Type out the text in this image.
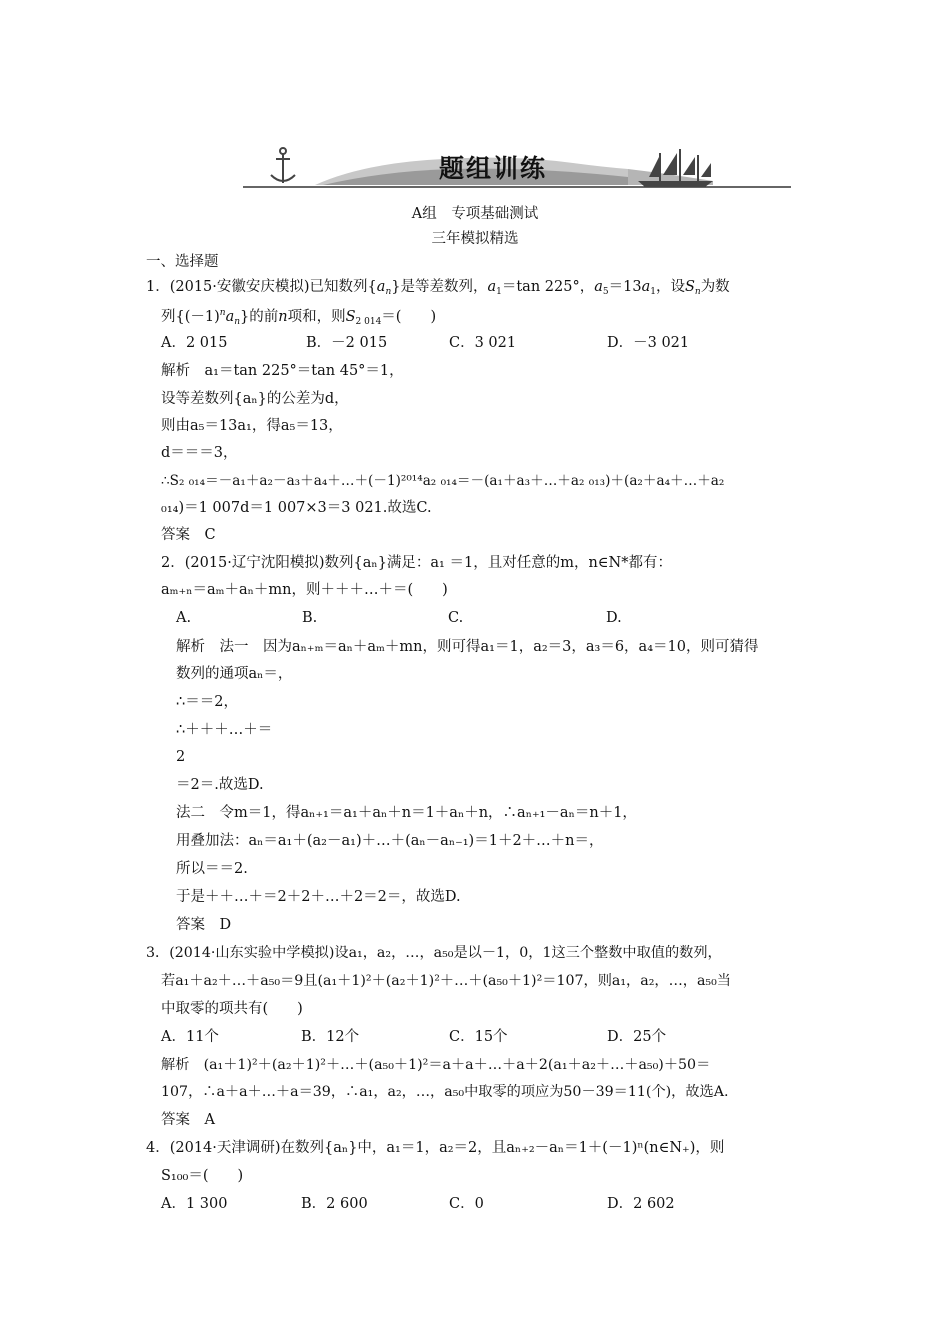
题组训练
A组　专项基础测试
三年模拟精选
一、选择题
1．(2015·安徽安庆模拟)已知数列$\{a_n\}$是等差数列，$a_1=\tan$ 225°，$a_5=13a_1$，设$S_n$为数
列$\{(-1)^na_n\}$的前n项和，则$S_{2 014}=$(　　)
A．2 015	B．－2 015	C．3 021	D．－3 021
解析　a₁＝tan 225°＝tan 45°＝1，
设等差数列{aₙ}的公差为d，
则由a₅＝13a₁，得a₅＝13，
d＝＝＝3，
∴S₂ ₀₁₄＝－a₁＋a₂－a₃＋a₄＋…＋(－1)²⁰¹⁴a₂ ₀₁₄＝－(a₁＋a₃＋…＋a₂ ₀₁₃)＋(a₂＋a₄＋…＋a₂
₀₁₄)＝1 007d＝1 007×3＝3 021.故选C.
答案　C
2．(2015·辽宁沈阳模拟)数列{aₙ}满足：a₁ ＝1，且对任意的m，n∈N*都有：
aₘ₊ₙ＝aₘ＋aₙ＋mn，则＋＋＋…＋＝(　　)
A.	B.	C.	D.
解析　法一　因为aₙ₊ₘ＝aₙ＋aₘ＋mn，则可得a₁＝1，a₂＝3，a₃＝6，a₄＝10，则可猜得
数列的通项aₙ＝，
∴＝＝2，
∴＋＋＋…＋＝
2
＝2＝.故选D.
法二　令m＝1，得aₙ₊₁＝a₁＋aₙ＋n＝1＋aₙ＋n，∴aₙ₊₁－aₙ＝n＋1，
用叠加法：aₙ＝a₁＋(a₂－a₁)＋…＋(aₙ－aₙ₋₁)＝1＋2＋…＋n＝，
所以＝＝2.
于是＋＋…＋＝2＋2＋…＋2＝2＝，故选D.
答案　D
3．(2014·山东实验中学模拟)设a₁，a₂，…，a₅₀是以－1，0，1这三个整数中取值的数列，
若a₁＋a₂＋…＋a₅₀＝9且(a₁＋1)²＋(a₂＋1)²＋…＋(a₅₀＋1)²＝107，则a₁，a₂，…，a₅₀当
中取零的项共有(　　)
A．11个	B．12个	C．15个	D．25个
解析　(a₁＋1)²＋(a₂＋1)²＋…＋(a₅₀＋1)²＝a＋a＋…＋a＋2(a₁＋a₂＋…＋a₅₀)＋50＝
107，∴a＋a＋…＋a＝39，∴a₁，a₂，…，a₅₀中取零的项应为50－39＝11(个)，故选A.
答案　A
4．(2014·天津调研)在数列{aₙ}中，a₁＝1，a₂＝2，且aₙ₊₂－aₙ＝1＋(－1)ⁿ(n∈N₊)，则
S₁₀₀＝(　　)
A．1 300	B．2 600	C．0	D．2 602
